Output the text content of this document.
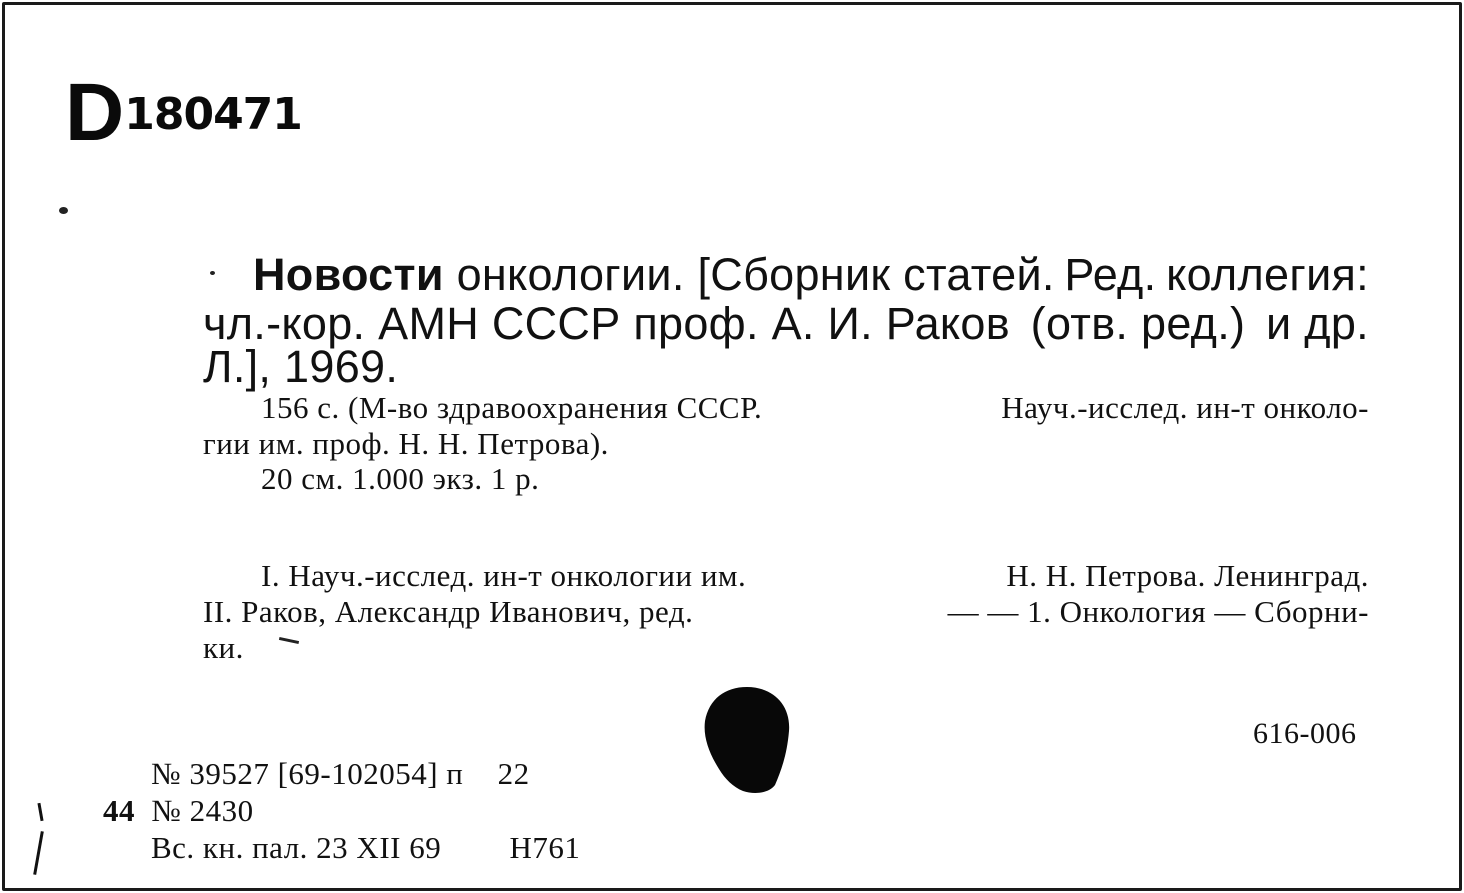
D 180471
Новости онкологии. [Сборник статей. Ред. коллегия:
чл.-кор. АМН СССР проф. А. И. Раков (отв. ред.) и др.
Л.], 1969.
156 с. (М-во здравоохранения СССР.	Науч.-исслед. ин-т онколо-
гии им. проф. Н. Н. Петрова).
20 см. 1.000 экз. 1 р.
I. Науч.-исслед. ин-т онкологии им.	Н. Н. Петрова. Ленинград.
II. Раков, Александр Иванович, ред.	— — 1. Онкология — Сборни-
ки.
616-006
№ 39527 [69-102054] п 22
44 № 2430
Вс. кн. пал. 23 XII 69 Н761
